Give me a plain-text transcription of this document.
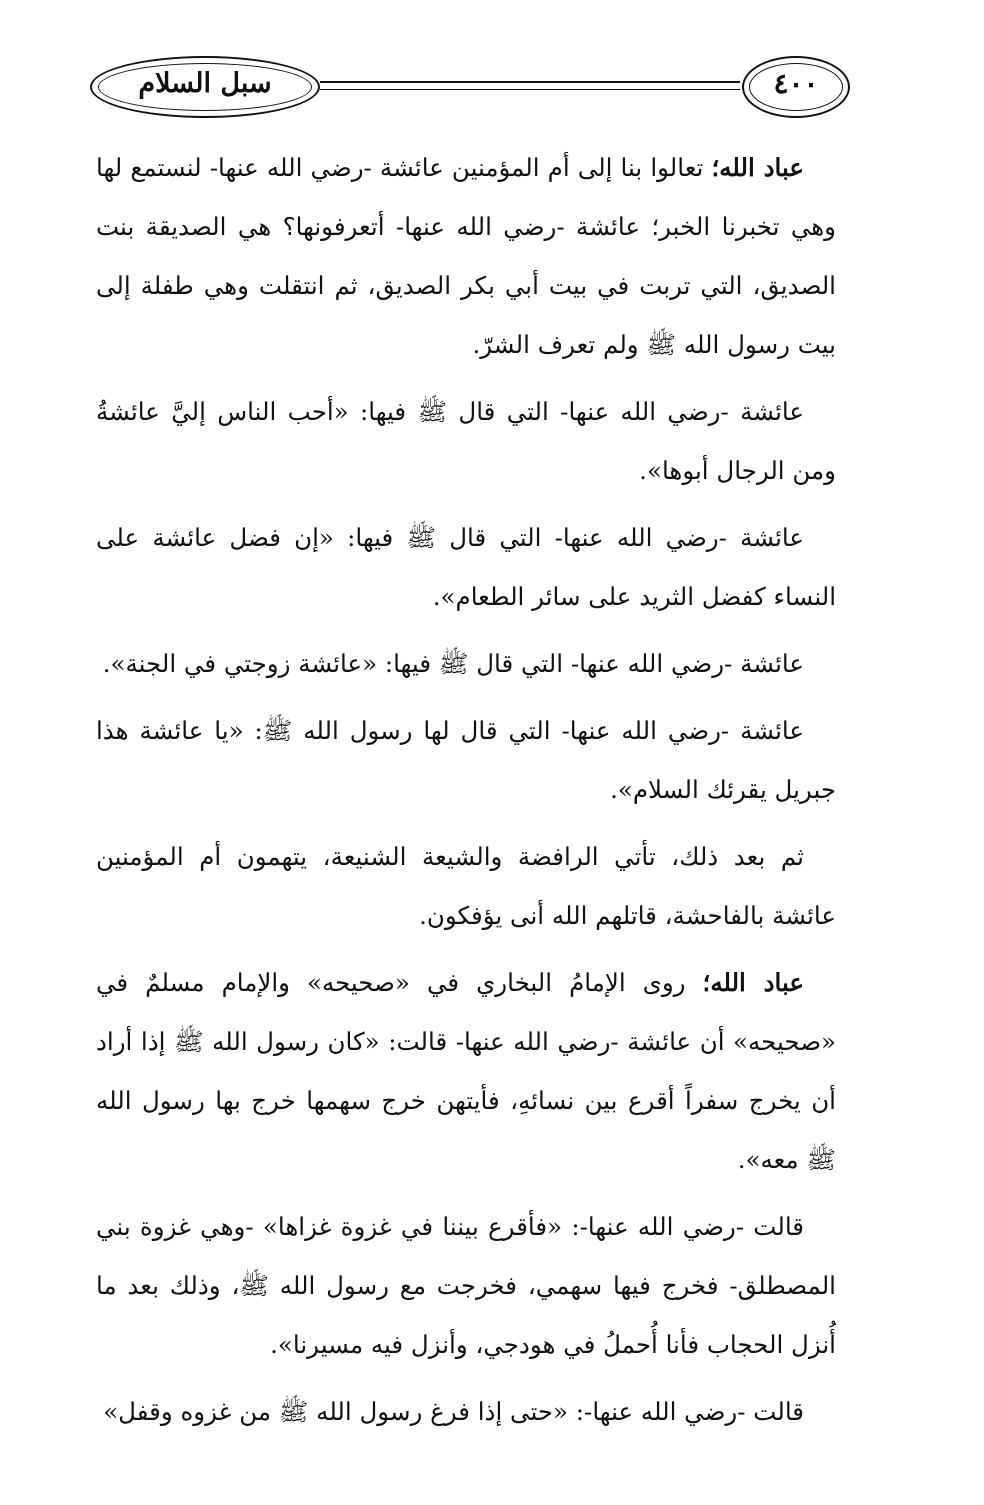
سبل السلام	٤٠٠

عباد الله؛ تعالوا بنا إلى أم المؤمنين عائشة -رضي الله عنها- لنستمع لها وهي تخبرنا الخبر؛ عائشة -رضي الله عنها- أتعرفونها؟ هي الصديقة بنت الصديق، التي تربت في بيت أبي بكر الصديق، ثم انتقلت وهي طفلة إلى بيت رسول الله ﷺ ولم تعرف الشرّ.

عائشة -رضي الله عنها- التي قال ﷺ فيها: «أحب الناس إليَّ عائشةُ ومن الرجال أبوها».

عائشة -رضي الله عنها- التي قال ﷺ فيها: «إن فضل عائشة على النساء كفضل الثريد على سائر الطعام».

عائشة -رضي الله عنها- التي قال ﷺ فيها: «عائشة زوجتي في الجنة».

عائشة -رضي الله عنها- التي قال لها رسول الله ﷺ: «يا عائشة هذا جبريل يقرئك السلام».

ثم بعد ذلك، تأتي الرافضة والشيعة الشنيعة، يتهمون أم المؤمنين عائشة بالفاحشة، قاتلهم الله أنى يؤفكون.

عباد الله؛ روى الإمامُ البخاري في «صحيحه» والإمام مسلمٌ في «صحيحه» أن عائشة -رضي الله عنها- قالت: «كان رسول الله ﷺ إذا أراد أن يخرج سفراً أقرع بين نسائهِ، فأيتهن خرج سهمها خرج بها رسول الله ﷺ معه».

قالت -رضي الله عنها-: «فأقرع بيننا في غزوة غزاها» -وهي غزوة بني المصطلق- فخرج فيها سهمي، فخرجت مع رسول الله ﷺ، وذلك بعد ما أُنزل الحجاب فأنا أُحملُ في هودجي، وأنزل فيه مسيرنا».

قالت -رضي الله عنها-: «حتى إذا فرغ رسول الله ﷺ من غزوه وقفل»
